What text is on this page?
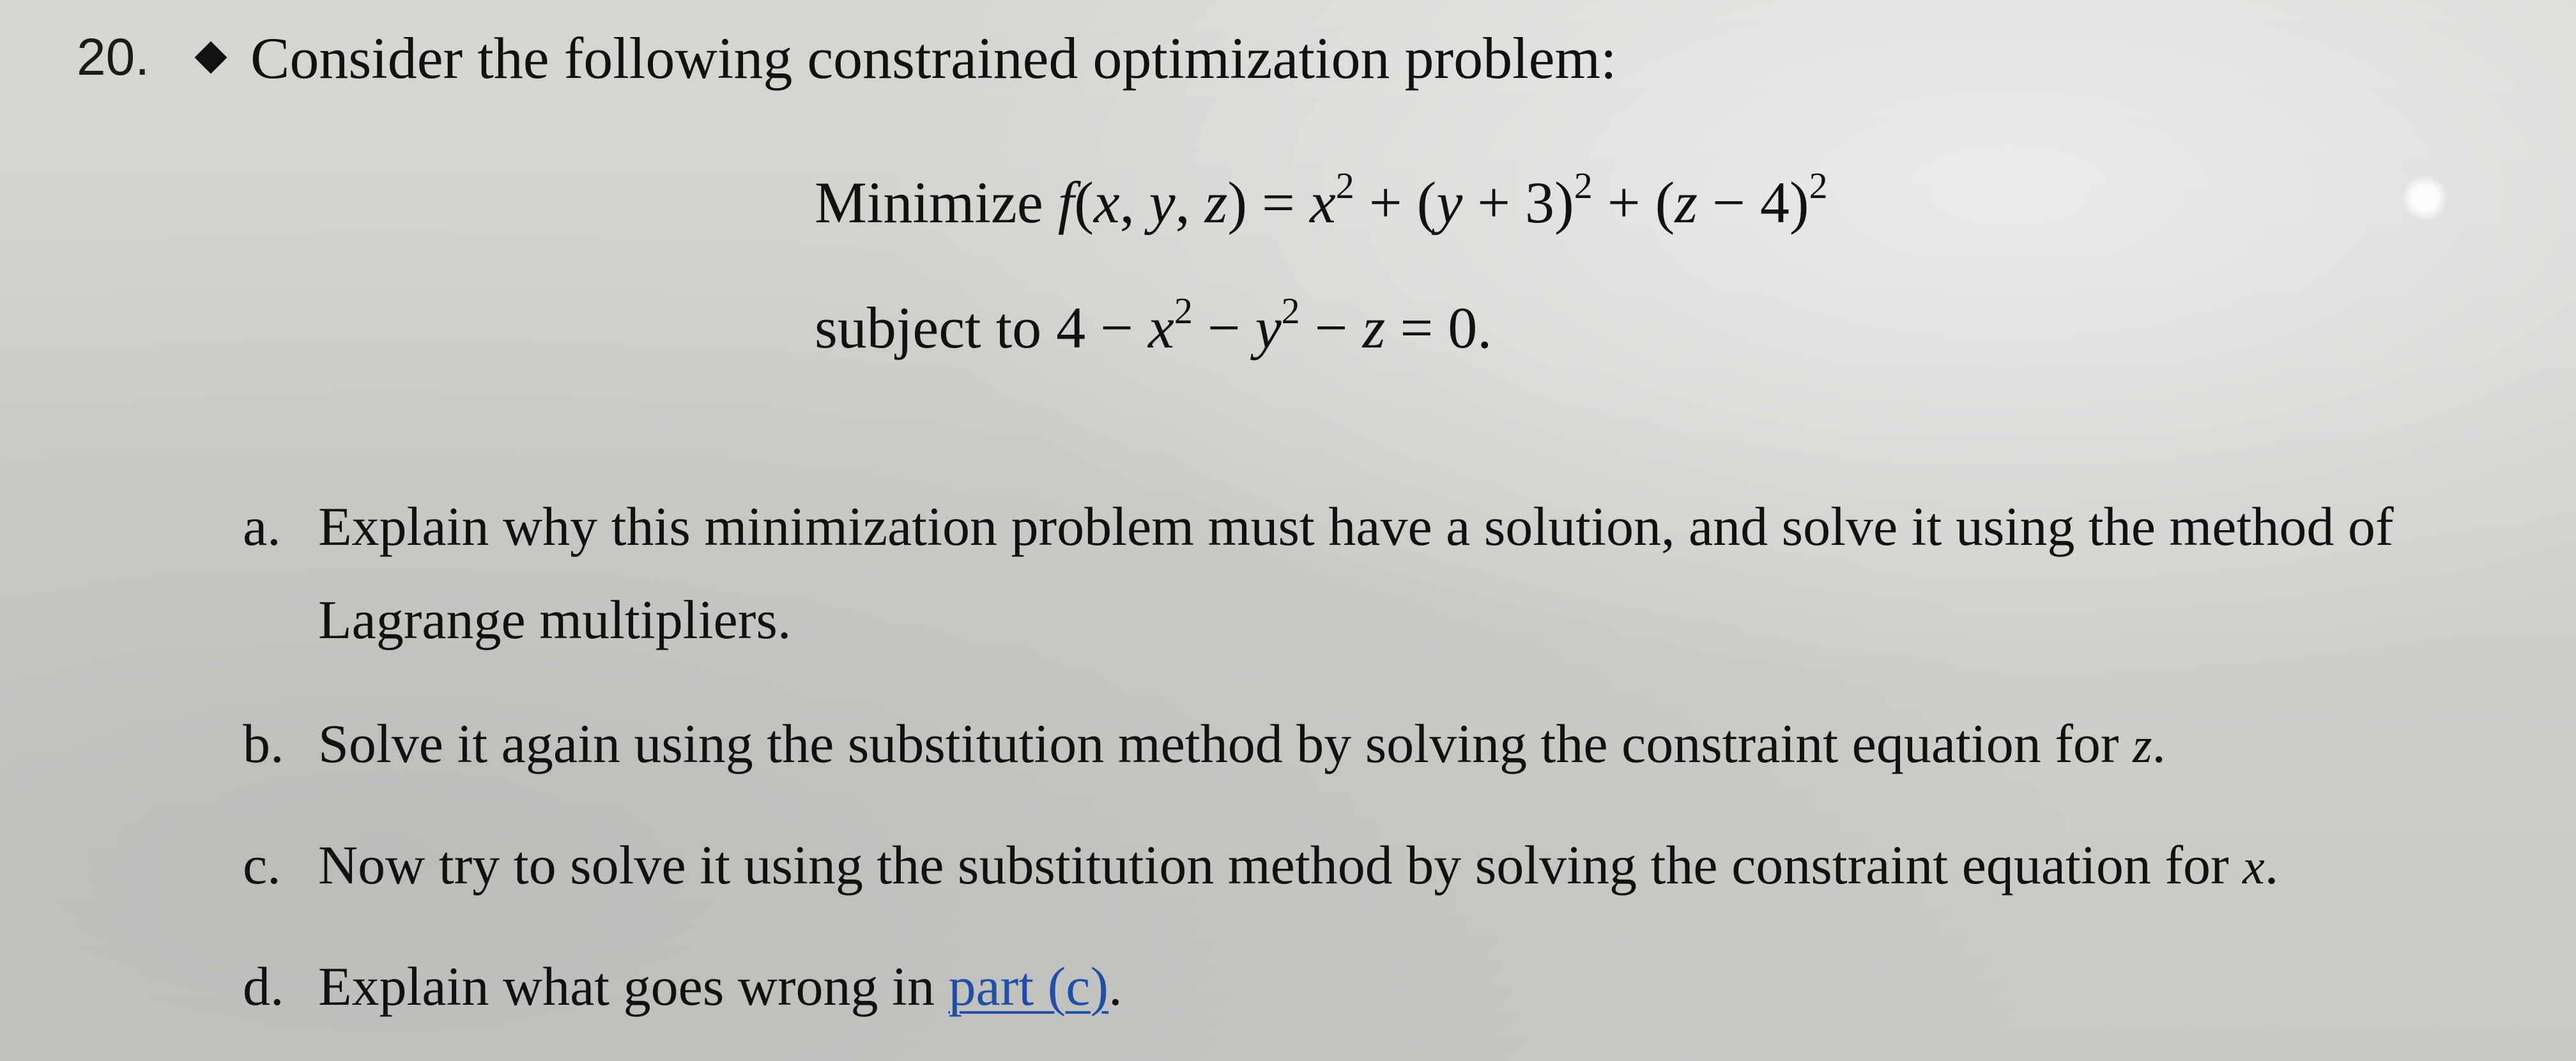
20. Consider the following constrained optimization problem:
Minimize f(x, y, $z) = x^2 + (y + 3)^2 + (z - 4)^2$
subject to $4 - x^2 - y^2 - z = 0$.
a. Explain why this minimization problem must have a solution, and solve it using the method of
Lagrange multipliers.
b. Solve it again using the substitution method by solving the constraint equation for z.
c. Now try to solve it using the substitution method by solving the constraint equation for x.
d. Explain what goes wrong in part (c).
